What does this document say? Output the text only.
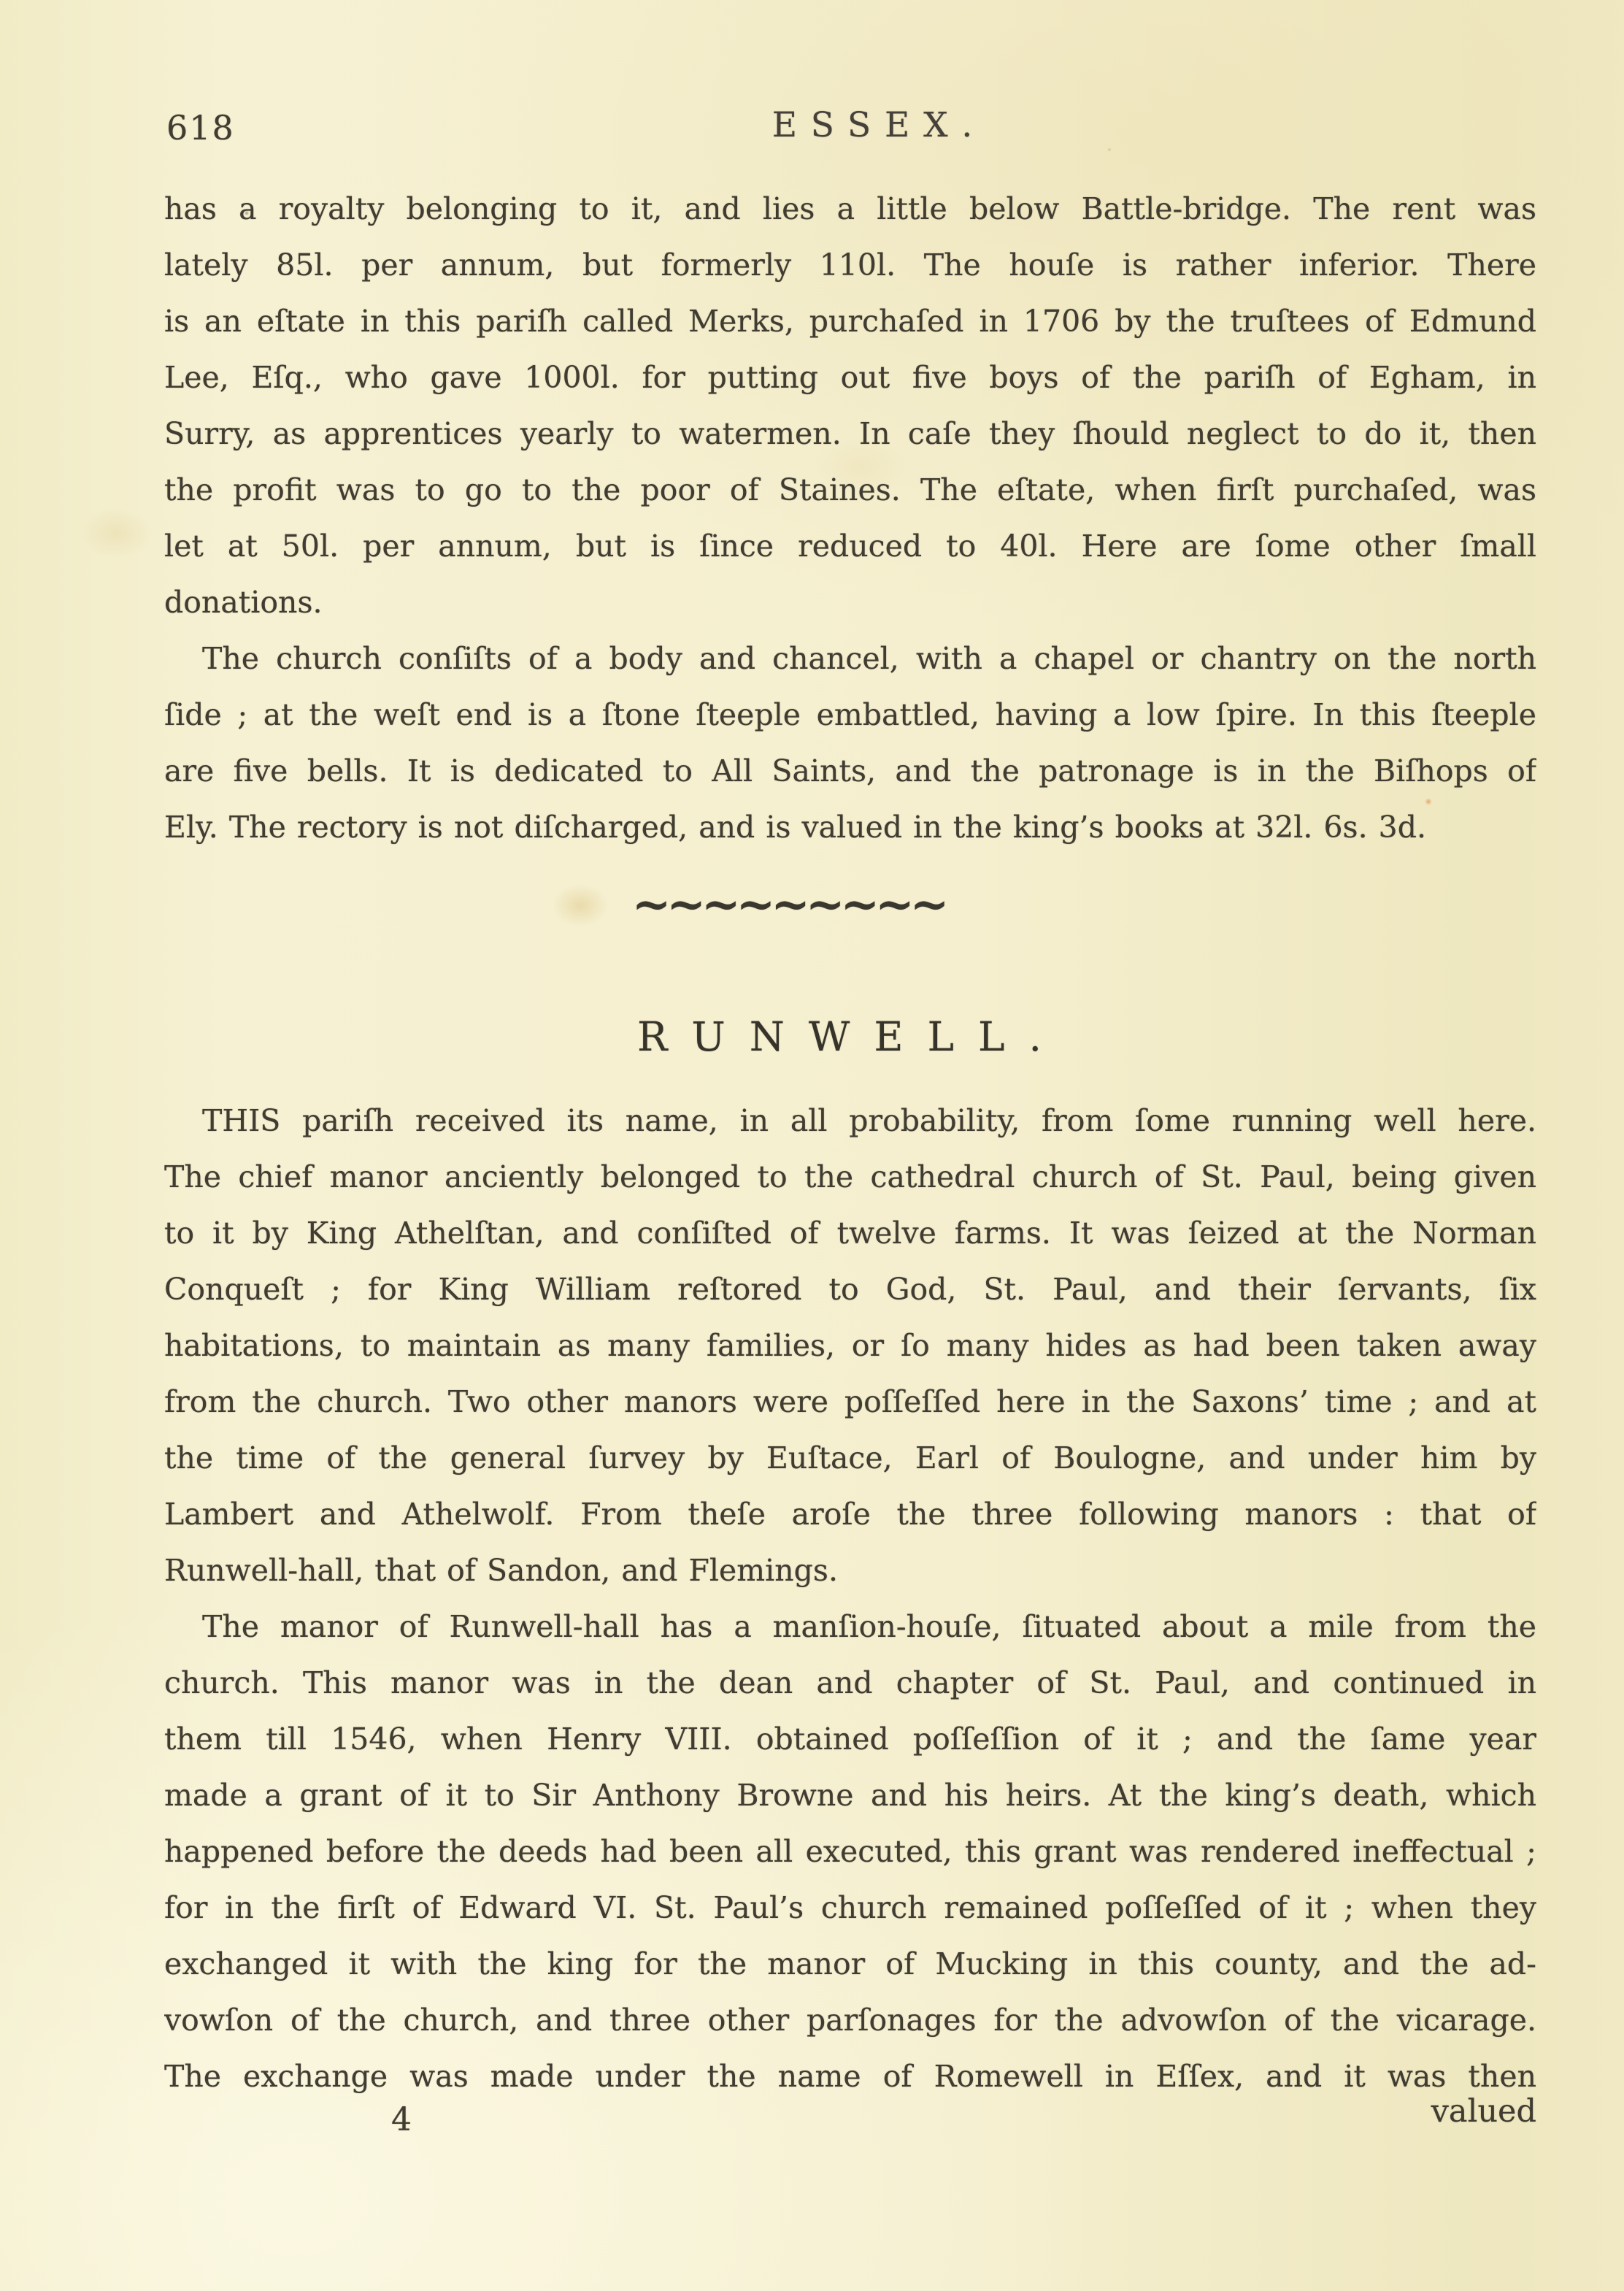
618	ESSEX.
has a royalty belonging to it, and lies a little below Battle-bridge. The rent was
lately 85l. per annum, but formerly 110l. The houſe is rather inferior. There
is an eſtate in this pariſh called Merks, purchaſed in 1706 by the truſtees of Edmund
Lee, Eſq., who gave 1000l. for putting out five boys of the pariſh of Egham, in
Surry, as apprentices yearly to watermen. In caſe they ſhould neglect to do it, then
the profit was to go to the poor of Staines. The eſtate, when firſt purchaſed, was
let at 50l. per annum, but is ſince reduced to 40l. Here are ſome other ſmall
donations.
The church conſiſts of a body and chancel, with a chapel or chantry on the north
ſide ; at the weſt end is a ſtone ſteeple embattled, having a low ſpire. In this ſteeple
are five bells. It is dedicated to All Saints, and the patronage is in the Biſhops of
Ely. The rectory is not diſcharged, and is valued in the king’s books at 32l. 6s. 3d.
~~~~~~~~~
RUNWELL.
THIS pariſh received its name, in all probability, from ſome running well here.
The chief manor anciently belonged to the cathedral church of St. Paul, being given
to it by King Athelſtan, and conſiſted of twelve farms. It was ſeized at the Norman
Conqueſt ; for King William reſtored to God, St. Paul, and their ſervants, ſix
habitations, to maintain as many families, or ſo many hides as had been taken away
from the church. Two other manors were poſſeſſed here in the Saxons’ time ; and at
the time of the general ſurvey by Euſtace, Earl of Boulogne, and under him by
Lambert and Athelwolf. From theſe aroſe the three following manors : that of
Runwell-hall, that of Sandon, and Flemings.
The manor of Runwell-hall has a manſion-houſe, ſituated about a mile from the
church. This manor was in the dean and chapter of St. Paul, and continued in
them till 1546, when Henry VIII. obtained poſſeſſion of it ; and the ſame year
made a grant of it to Sir Anthony Browne and his heirs. At the king’s death, which
happened before the deeds had been all executed, this grant was rendered ineffectual ;
for in the firſt of Edward VI. St. Paul’s church remained poſſeſſed of it ; when they
exchanged it with the king for the manor of Mucking in this county, and the ad-
vowſon of the church, and three other parſonages for the advowſon of the vicarage.
The exchange was made under the name of Romewell in Eſſex, and it was then
4	valued
